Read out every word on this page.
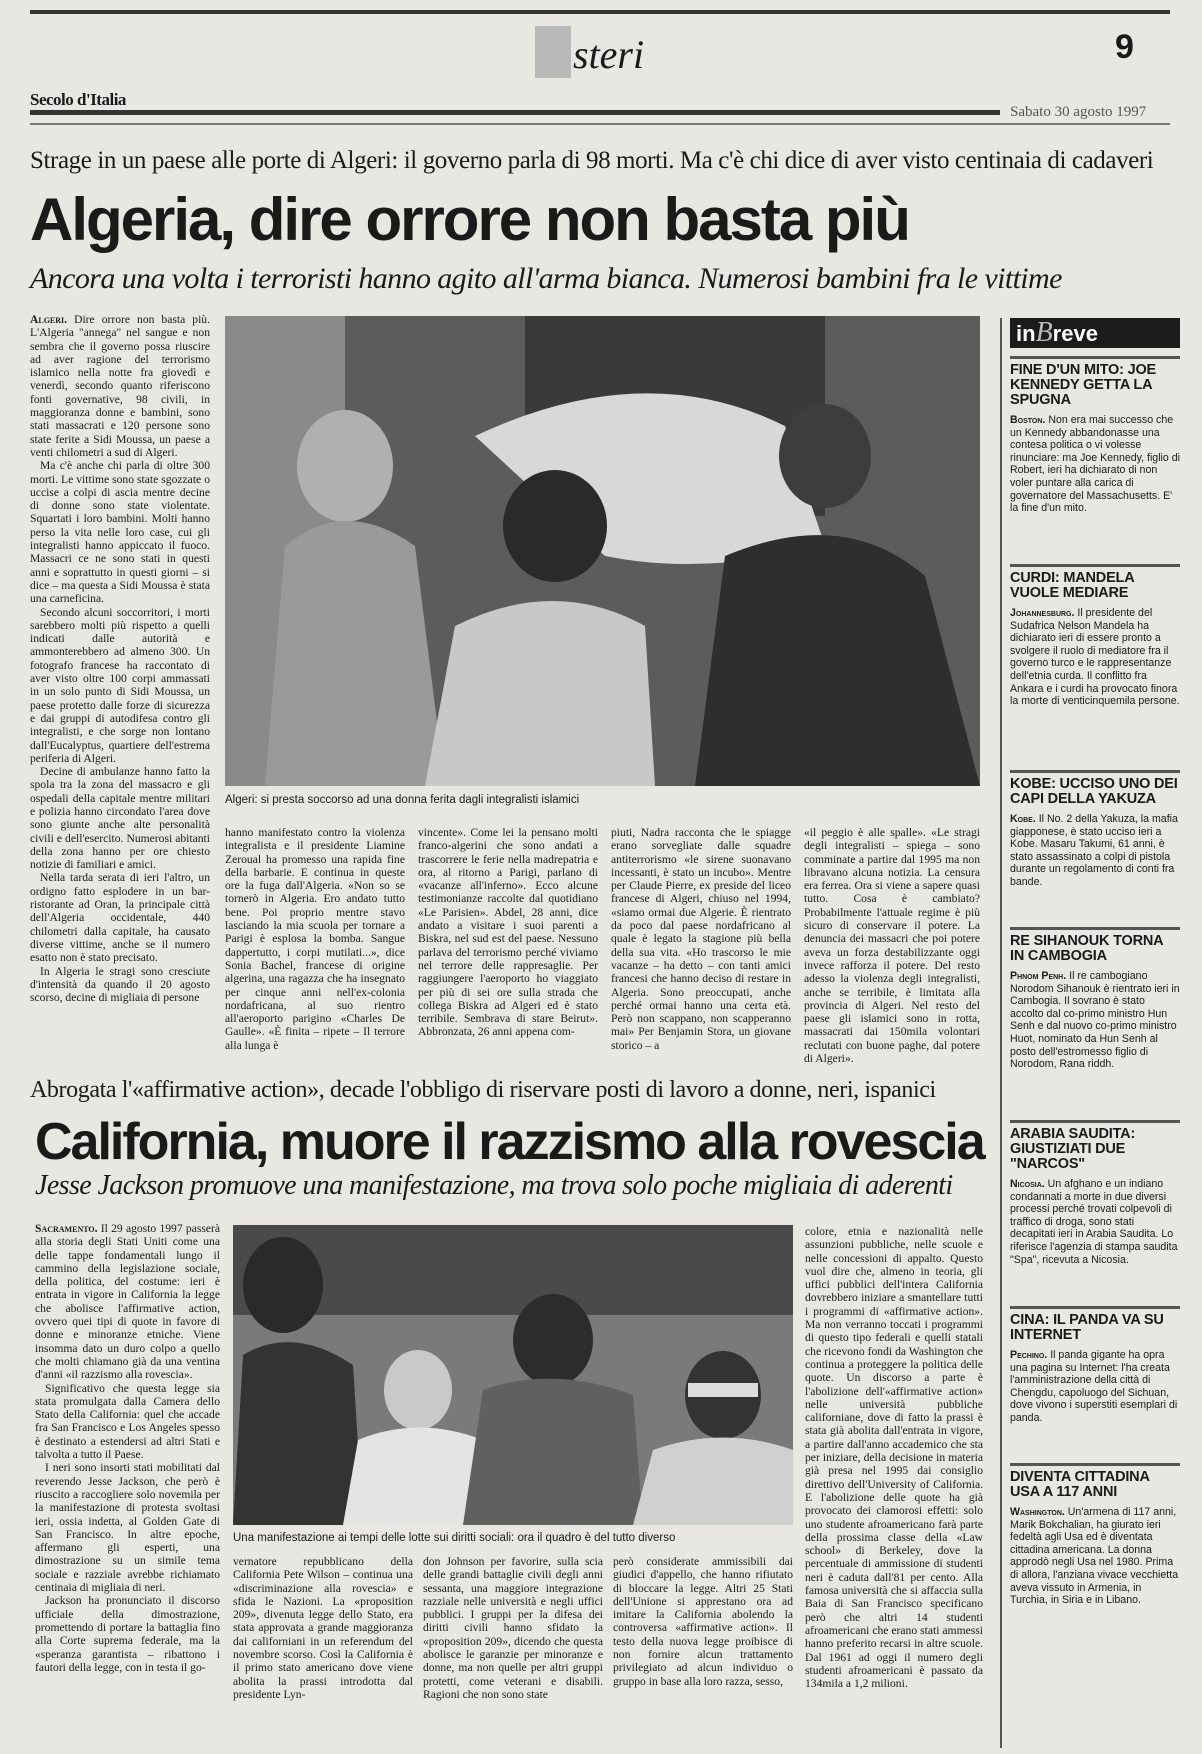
steri	9
Secolo d'Italia
Sabato 30 agosto 1997
Strage in un paese alle porte di Algeri: il governo parla di 98 morti. Ma c'è chi dice di aver visto centinaia di cadaveri
Algeria, dire orrore non basta più
Ancora una volta i terroristi hanno agito all'arma bianca. Numerosi bambini fra le vittime

Algeri. Dire orrore non basta più. L'Algeria "annega" nel sangue e non sembra che il governo possa riuscire ad aver ragione del terrorismo islamico nella notte fra giovedì e venerdì, secondo quanto riferiscono fonti governative, 98 civili, in maggioranza donne e bambini, sono stati massacrati e 120 persone sono state ferite a Sidi Moussa, un paese a venti chilometri a sud di Algeri.

Ma c'è anche chi parla di oltre 300 morti. Le vittime sono state sgozzate o uccise a colpi di ascia mentre decine di donne sono state violentate. Squartati i loro bambini. Molti hanno perso la vita nelle loro case, cui gli integralisti hanno appiccato il fuoco. Massacri ce ne sono stati in questi anni e soprattutto in questi giorni – si dice – ma questa a Sidi Moussa è stata una carneficina.

Secondo alcuni soccorritori, i morti sarebbero molti più rispetto a quelli indicati dalle autorità e ammonterebbero ad almeno 300. Un fotografo francese ha raccontato di aver visto oltre 100 corpi ammassati in un solo punto di Sidi Moussa, un paese protetto dalle forze di sicurezza e dai gruppi di autodifesa contro gli integralisti, e che sorge non lontano dall'Eucalyptus, quartiere dell'estrema periferia di Algeri.

Decine di ambulanze hanno fatto la spola tra la zona del massacro e gli ospedali della capitale mentre militari e polizia hanno circondato l'area dove sono giunte anche alte personalità civili e dell'esercito. Numerosi abitanti della zona hanno per ore chiesto notizie di familiari e amici.

Nella tarda serata di ieri l'altro, un ordigno fatto esplodere in un bar-ristorante ad Oran, la principale città dell'Algeria occidentale, 440 chilometri dalla capitale, ha causato diverse vittime, anche se il numero esatto non è stato precisato.

In Algeria le stragi sono cresciute d'intensità da quando il 20 agosto scorso, decine di migliaia di persone

Algeri: si presta soccorso ad una donna ferita dagli integralisti islamici

hanno manifestato contro la violenza integralista e il presidente Liamine Zeroual ha promesso una rapida fine della barbarie. E continua in queste ore la fuga dall'Algeria. «Non so se tornerò in Algeria. Ero andato tutto bene. Poi proprio mentre stavo lasciando la mia scuola per tornare a Parigi è esplosa la bomba. Sangue dappertutto, i corpi mutilati...», dice Sonia Bachel, francese di origine algerina, una ragazza che ha insegnato per cinque anni nell'ex-colonia nordafricana, al suo rientro all'aeroporto parigino «Charles De Gaulle». «È finita – ripete – Il terrore alla lunga è

vincente». Come lei la pensano molti franco-algerini che sono andati a trascorrere le ferie nella madrepatria e ora, al ritorno a Parigi, parlano di «vacanze all'inferno». Ecco alcune testimonianze raccolte dal quotidiano «Le Parisien». Abdel, 28 anni, dice andato a visitare i suoi parenti a Biskra, nel sud est del paese. Nessuno parlava del terrorismo perché viviamo nel terrore delle rappresaglie. Per raggiungere l'aeroporto ho viaggiato per più di sei ore sulla strada che collega Biskra ad Algeri ed è stato terribile. Sembrava di stare Beirut». Abbronzata, 26 anni appena com-

piuti, Nadra racconta che le spiagge erano sorvegliate dalle squadre antiterrorismo «le sirene suonavano incessanti, è stato un incubo». Mentre per Claude Pierre, ex preside del liceo francese di Algeri, chiuso nel 1994, «siamo ormai due Algerie. È rientrato da poco dal paese nordafricano al quale è legato la stagione più bella della sua vita. «Ho trascorso le mie vacanze – ha detto – con tanti amici francesi che hanno deciso di restare in Algeria. Sono preoccupati, anche perché ormai hanno una certa età. Però non scappano, non scapperanno mai» Per Benjamin Stora, un giovane storico – a

«il peggio è alle spalle». «Le stragi degli integralisti – spiega – sono comminate a partire dal 1995 ma non libravano alcuna notizia. La censura era ferrea. Ora si viene a sapere quasi tutto. Cosa è cambiato? Probabilmente l'attuale regime è più sicuro di conservare il potere. La denuncia dei massacri che poi potere aveva un forza destabilizzante oggi invece rafforza il potere. Del resto adesso la violenza degli integralisti, anche se terribile, è limitata alla provincia di Algeri. Nel resto del paese gli islamici sono in rotta, massacrati dai 150mila volontari reclutati con buone paghe, dal potere di Algeri».

Abrogata l'«affirmative action», decade l'obbligo di riservare posti di lavoro a donne, neri, ispanici
California, muore il razzismo alla rovescia
Jesse Jackson promuove una manifestazione, ma trova solo poche migliaia di aderenti

Sacramento. Il 29 agosto 1997 passerà alla storia degli Stati Uniti come una delle tappe fondamentali lungo il cammino della legislazione sociale, della politica, del costume: ieri è entrata in vigore in California la legge che abolisce l'affirmative action, ovvero quei tipi di quote in favore di donne e minoranze etniche. Viene insomma dato un duro colpo a quello che molti chiamano già da una ventina d'anni «il razzismo alla rovescia».

Significativo che questa legge sia stata promulgata dalla Camera dello Stato della California: quel che accade fra San Francisco e Los Angeles spesso è destinato a estendersi ad altri Stati e talvolta a tutto il Paese.

I neri sono insorti stati mobilitati dal reverendo Jesse Jackson, che però è riuscito a raccogliere solo novemila per la manifestazione di protesta svoltasi ieri, ossia indetta, al Golden Gate di San Francisco. In altre epoche, affermano gli esperti, una dimostrazione su un simile tema sociale e razziale avrebbe richiamato centinaia di migliaia di neri.

Jackson ha pronunciato il discorso ufficiale della dimostrazione, promettendo di portare la battaglia fino alla Corte suprema federale, ma la «speranza garantista – ribattono i fautori della legge, con in testa il go-

Una manifestazione ai tempi delle lotte sui diritti sociali: ora il quadro è del tutto diverso

vernatore repubblicano della California Pete Wilson – continua una «discriminazione alla rovescia» e sfida le Nazioni. La «proposition 209», divenuta legge dello Stato, era stata approvata a grande maggioranza dai californiani in un referendum del novembre scorso. Così la California è il primo stato americano dove viene abolita la prassi introdotta dal presidente Lyn-

don Johnson per favorire, sulla scia delle grandi battaglie civili degli anni sessanta, una maggiore integrazione razziale nelle università e negli uffici pubblici. I gruppi per la difesa dei diritti civili hanno sfidato la «proposition 209», dicendo che questa abolisce le garanzie per minoranze e donne, ma non quelle per altri gruppi protetti, come veterani e disabili. Ragioni che non sono state

però considerate ammissibili dai giudici d'appello, che hanno rifiutato di bloccare la legge. Altri 25 Stati dell'Unione si apprestano ora ad imitare la California abolendo la controversa «affirmative action». Il testo della nuova legge proibisce di non fornire alcun trattamento privilegiato ad alcun individuo o gruppo in base alla loro razza, sesso,

colore, etnia e nazionalità nelle assunzioni pubbliche, nelle scuole e nelle concessioni di appalto. Questo vuol dire che, almeno in teoria, gli uffici pubblici dell'intera California dovrebbero iniziare a smantellare tutti i programmi di «affirmative action». Ma non verranno toccati i programmi di questo tipo federali e quelli statali che ricevono fondi da Washington che continua a proteggere la politica delle quote. Un discorso a parte è l'abolizione dell'«affirmative action» nelle università pubbliche californiane, dove di fatto la prassi è stata già abolita dall'entrata in vigore, a partire dall'anno accademico che sta per iniziare, della decisione in materia già presa nel 1995 dai consiglio direttivo dell'University of California. E l'abolizione delle quote ha già provocato dei clamorosi effetti: solo uno studente afroamericano farà parte della prossima classe della «Law school» di Berkeley, dove la percentuale di ammissione di studenti neri è caduta dall'81 per cento. Alla famosa università che si affaccia sulla Baia di San Francisco specificano però che altri 14 studenti afroamericani che erano stati ammessi hanno preferito recarsi in altre scuole. Dal 1961 ad oggi il numero degli studenti afroamericani è passato da 134mila a 1,2 milioni.

inBreve
FINE D'UN MITO: JOE KENNEDY GETTA LA SPUGNA
Boston. Non era mai successo che un Kennedy abbandonasse una contesa politica o vi volesse rinunciare: ma Joe Kennedy, figlio di Robert, ieri ha dichiarato di non voler puntare alla carica di governatore del Massachusetts. E' la fine d'un mito.
CURDI: MANDELA VUOLE MEDIARE
Johannesburg. Il presidente del Sudafrica Nelson Mandela ha dichiarato ieri di essere pronto a svolgere il ruolo di mediatore fra il governo turco e le rappresentanze dell'etnia curda. Il conflitto fra Ankara e i curdi ha provocato finora la morte di venticinquemila persone.
KOBE: UCCISO UNO DEI CAPI DELLA YAKUZA
Kobe. Il No. 2 della Yakuza, la mafia giapponese, è stato ucciso ieri a Kobe. Masaru Takumi, 61 anni, è stato assassinato a colpi di pistola durante un regolamento di conti fra bande.
RE SIHANOUK TORNA IN CAMBOGIA
Phnom Penh. Il re cambogiano Norodom Sihanouk è rientrato ieri in Cambogia. Il sovrano è stato accolto dal co-primo ministro Hun Senh e dal nuovo co-primo ministro Huot, nominato da Hun Senh al posto dell'estromesso figlio di Norodom, Rana riddh.
ARABIA SAUDITA: GIUSTIZIATI DUE "NARCOS"
Nicosia. Un afghano e un indiano condannati a morte in due diversi processi perché trovati colpevoli di traffico di droga, sono stati decapitati ieri in Arabia Saudita. Lo riferisce l'agenzia di stampa saudita "Spa", ricevuta a Nicosia.
CINA: IL PANDA VA SU INTERNET
Pechino. Il panda gigante ha opra una pagina su Internet: l'ha creata l'amministrazione della città di Chengdu, capoluogo del Sichuan, dove vivono i superstiti esemplari di panda.
DIVENTA CITTADINA USA A 117 ANNI
Washington. Un'armena di 117 anni, Marik Bokchalian, ha giurato ieri fedeltà agli Usa ed è diventata cittadina americana. La donna approdò negli Usa nel 1980. Prima di allora, l'anziana vivace vecchietta aveva vissuto in Armenia, in Turchia, in Siria e in Libano.
